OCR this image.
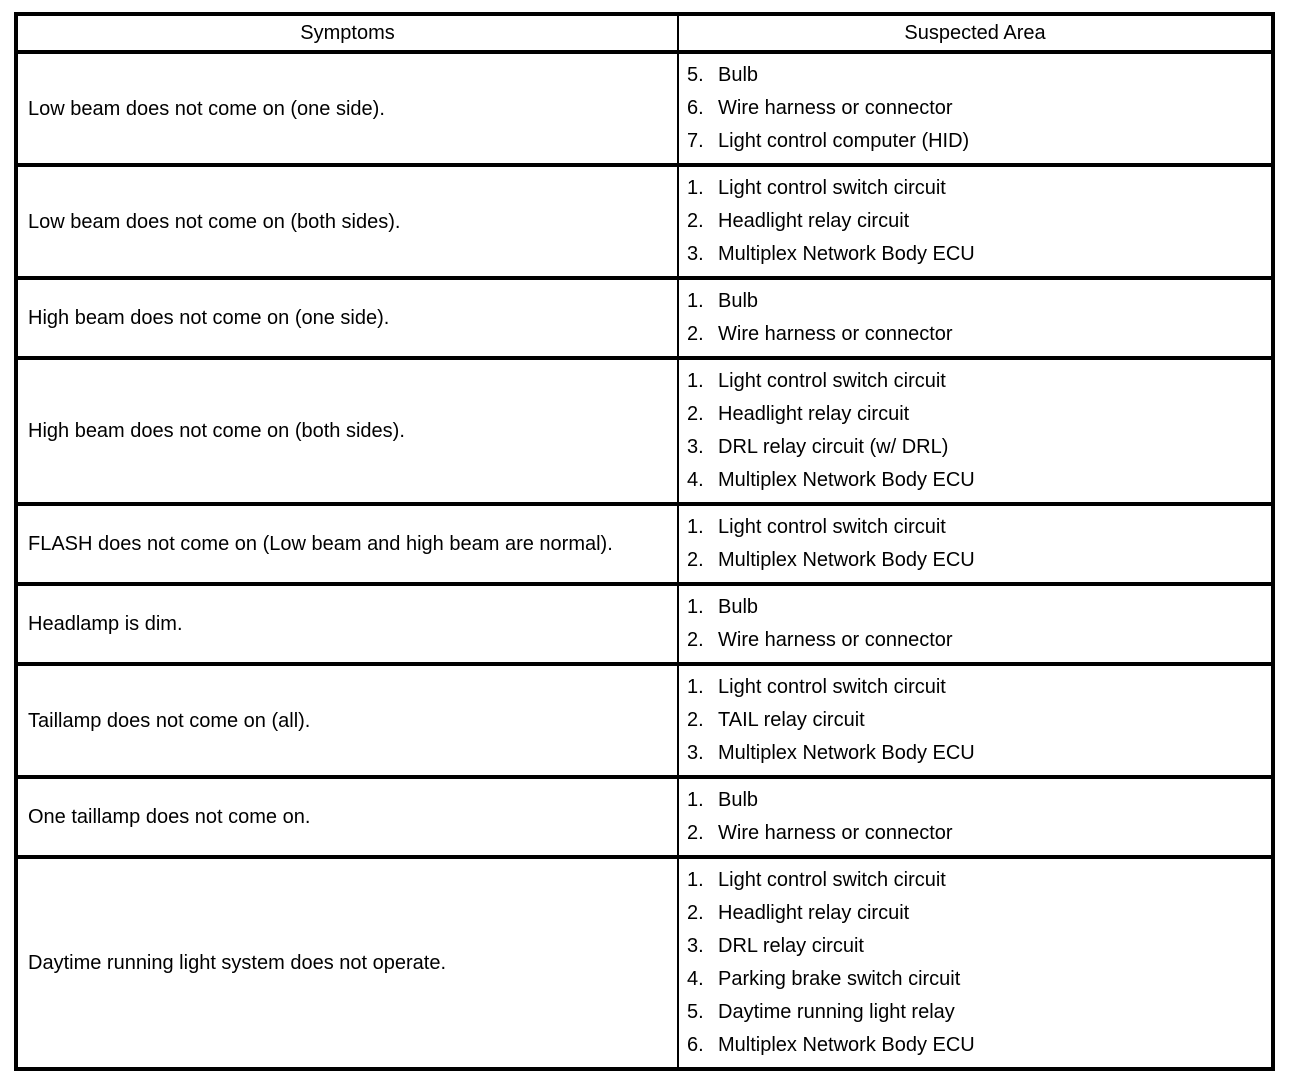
Symptoms	Suspected Area
Low beam does not come on (one side).	5. Bulb
6. Wire harness or connector
7. Light control computer (HID)

Low beam does not come on (both sides).	1. Light control switch circuit
2. Headlight relay circuit
3. Multiplex Network Body ECU

High beam does not come on (one side).	1. Bulb
2. Wire harness or connector

High beam does not come on (both sides).	1. Light control switch circuit
2. Headlight relay circuit
3. DRL relay circuit (w/ DRL)
4. Multiplex Network Body ECU

FLASH does not come on (Low beam and high beam are normal).	1. Light control switch circuit
2. Multiplex Network Body ECU

Headlamp is dim.	1. Bulb
2. Wire harness or connector

Taillamp does not come on (all).	1. Light control switch circuit
2. TAIL relay circuit
3. Multiplex Network Body ECU

One taillamp does not come on.	1. Bulb
2. Wire harness or connector

Daytime running light system does not operate.	
1. Light control switch circuit
2. Headlight relay circuit
3. DRL relay circuit
4. Parking brake switch circuit
5. Daytime running light relay
6. Multiplex Network Body ECU
